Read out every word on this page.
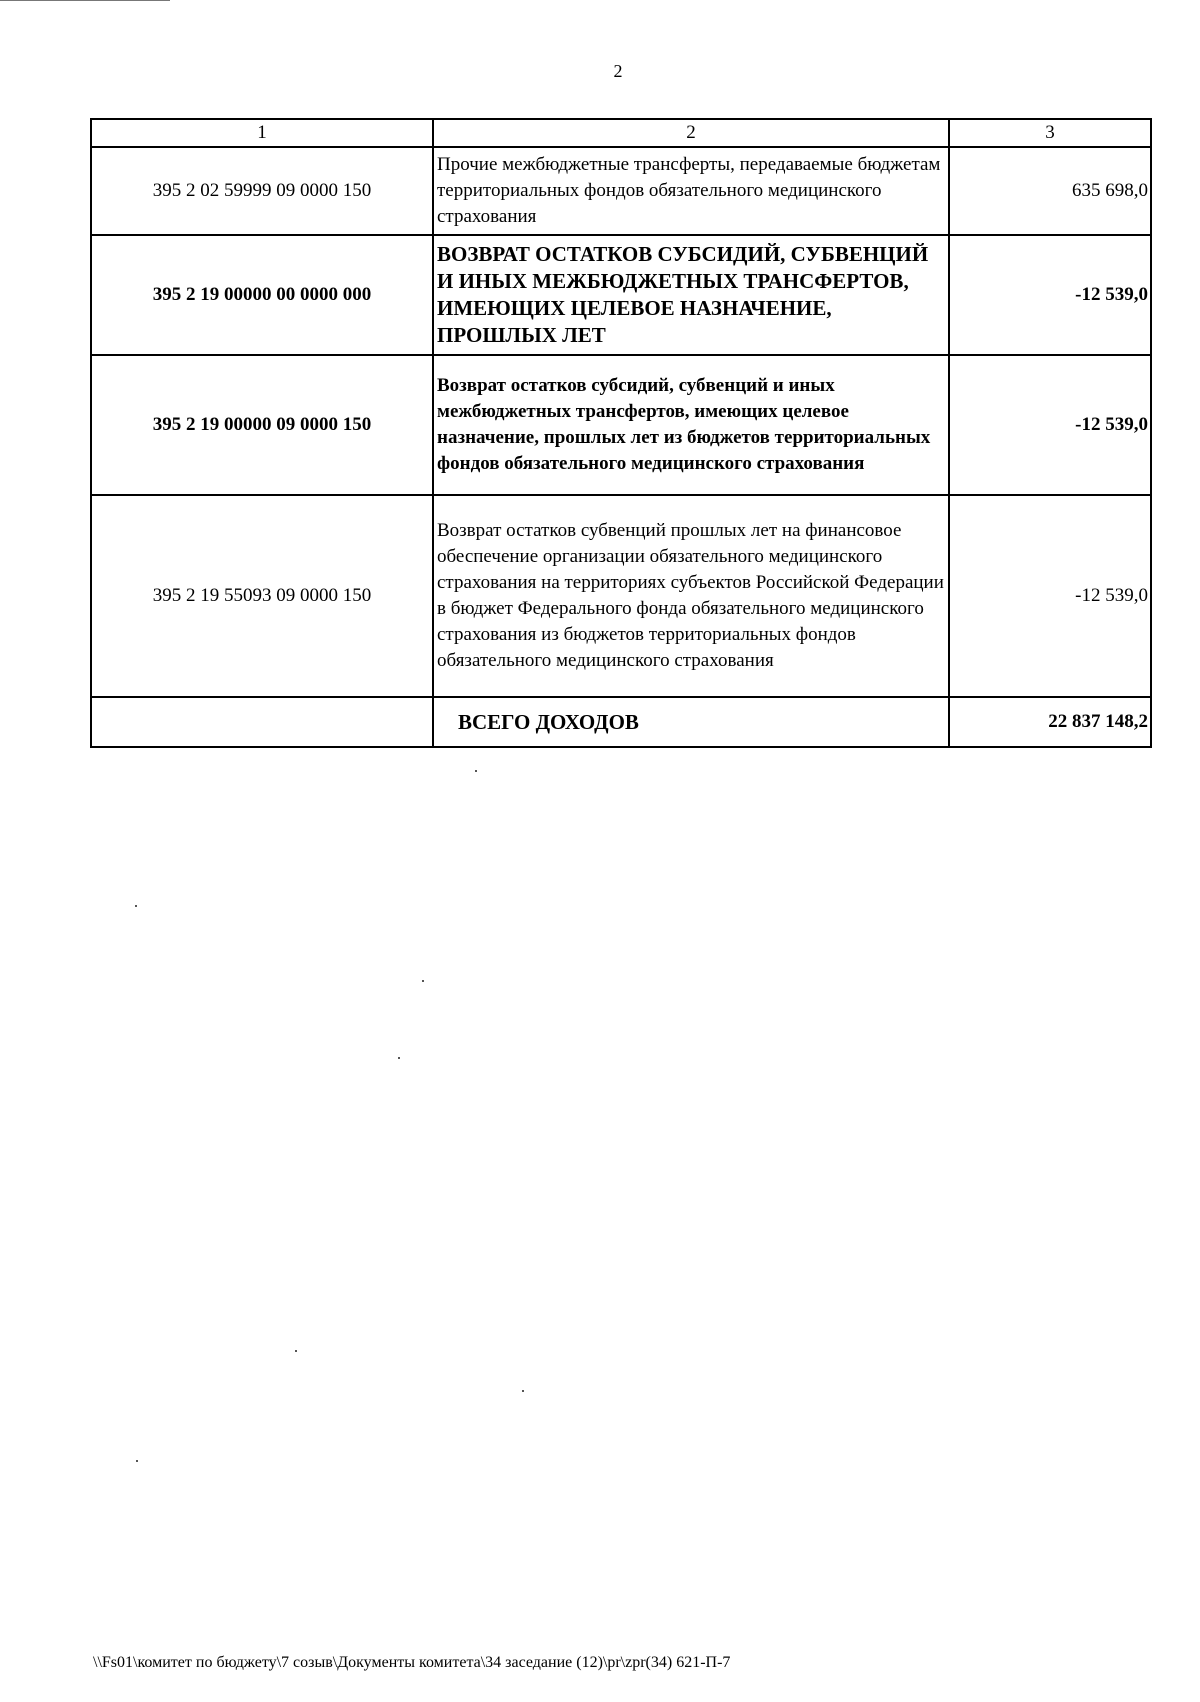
2
1	2	3
395 2 02 59999 09 0000 150	Прочие межбюджетные трансферты, передаваемые бюджетам территориальных фондов обязательного медицинского страхования	635 698,0
395 2 19 00000 00 0000 000	ВОЗВРАТ ОСТАТКОВ СУБСИДИЙ, СУБВЕНЦИЙ И ИНЫХ МЕЖБЮДЖЕТНЫХ ТРАНСФЕРТОВ, ИМЕЮЩИХ ЦЕЛЕВОЕ НАЗНАЧЕНИЕ, ПРОШЛЫХ ЛЕТ	-12 539,0
395 2 19 00000 09 0000 150	Возврат остатков субсидий, субвенций и иных межбюджетных трансфертов, имеющих целевое назначение, прошлых лет из бюджетов территориальных фондов обязательного медицинского страхования	-12 539,0
395 2 19 55093 09 0000 150	Возврат остатков субвенций прошлых лет на финансовое обеспечение организации обязательного медицинского страхования на территориях субъектов Российской Федерации в бюджет Федерального фонда обязательного медицинского страхования из бюджетов территориальных фондов обязательного медицинского страхования	-12 539,0
	ВСЕГО ДОХОДОВ	22 837 148,2
\\Fs01\комитет по бюджету\7 созыв\Документы комитета\34 заседание (12)\pr\zpr(34) 621-П-7
